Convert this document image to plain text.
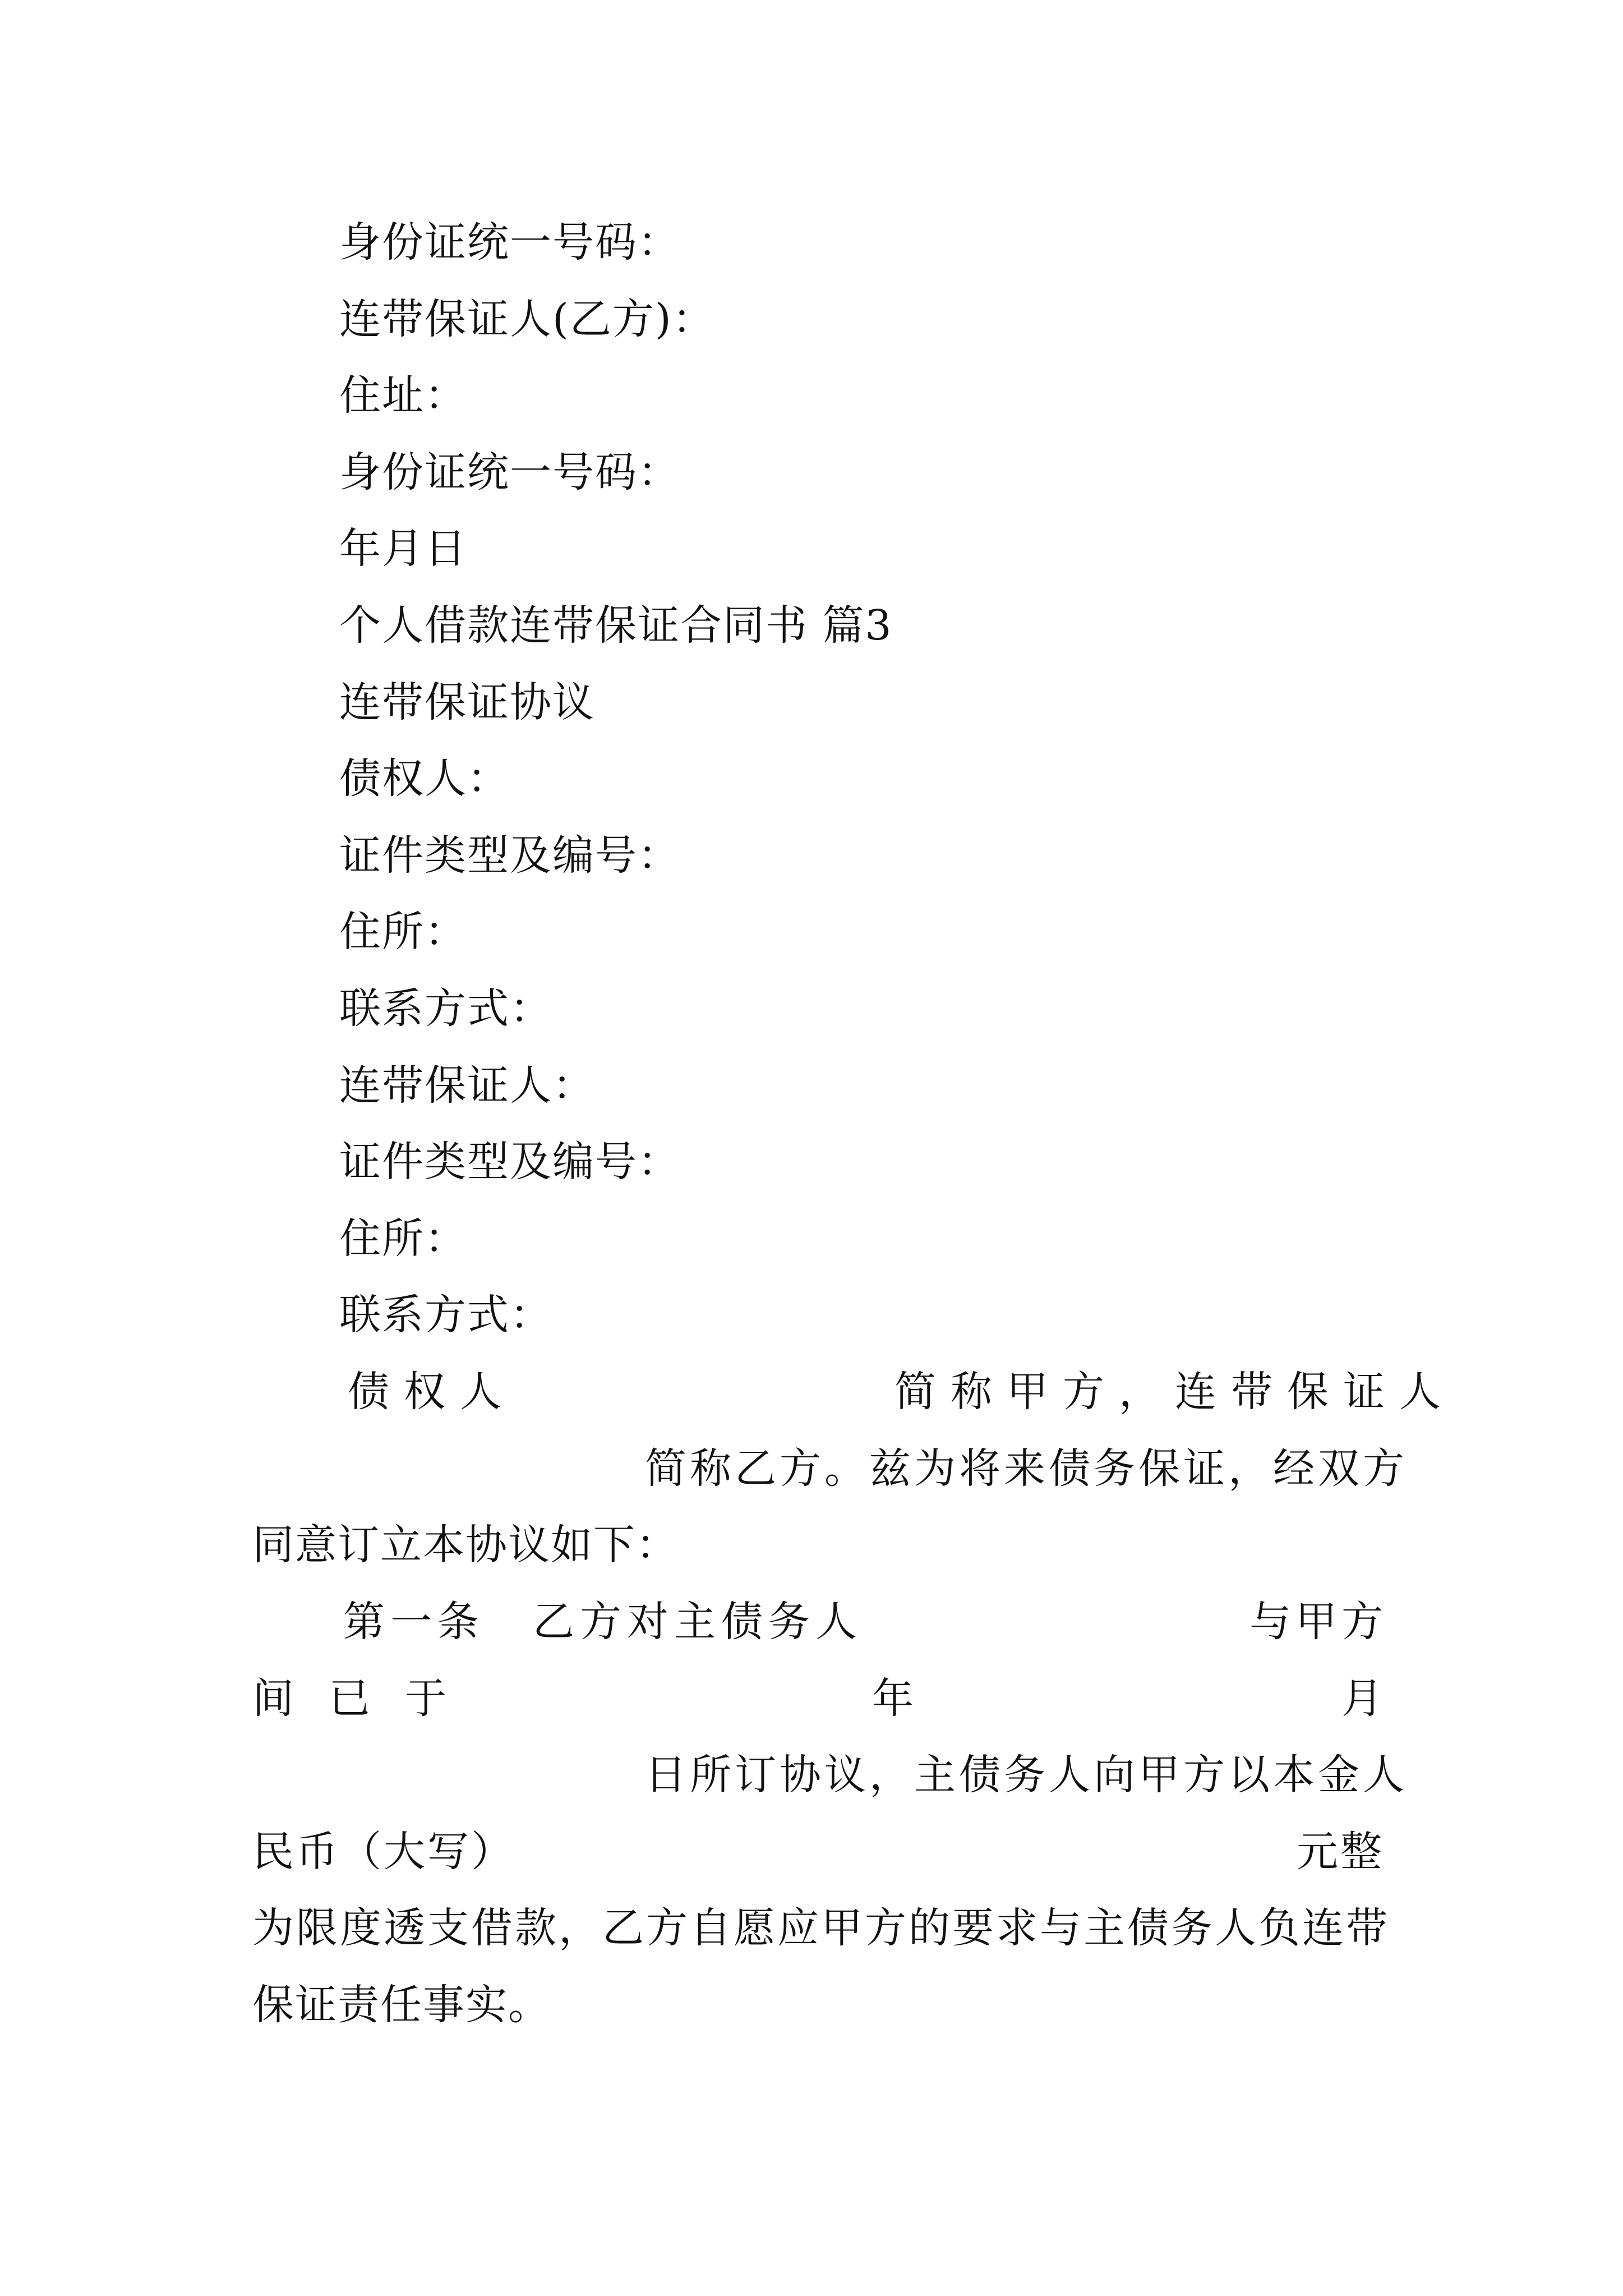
身份证统一号码：
连带保证人(乙方)：
住址：
身份证统一号码：
年月日
个人借款连带保证合同书 篇3
连带保证协议
债权人：
证件类型及编号：
住所：
联系方式：
连带保证人：
证件类型及编号：
住所：
联系方式：
债权人	简称甲方，连带保证人
简称乙方。兹为将来债务保证，经双方
同意订立本协议如下：
第一条 乙方对主债务人	与甲方
间已于	年	月
日所订协议，主债务人向甲方以本金人
民币（大写）	元整
为限度透支借款，乙方自愿应甲方的要求与主债务人负连带
保证责任事实。
